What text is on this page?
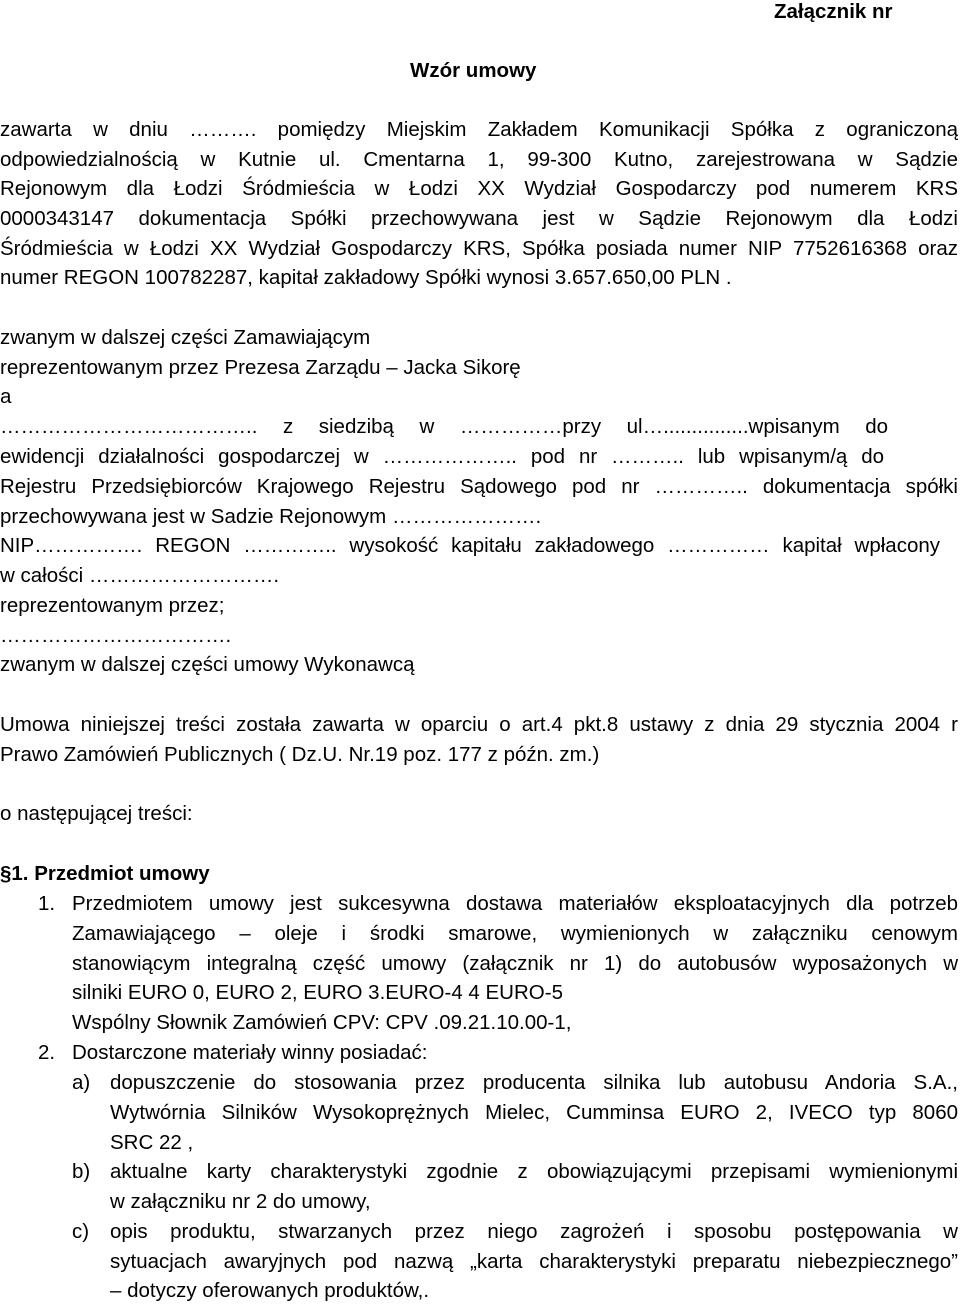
Załącznik nr
Wzór umowy
zawarta w dniu ………. pomiędzy Miejskim Zakładem Komunikacji Spółka z ograniczoną
odpowiedzialnością w Kutnie ul. Cmentarna 1, 99-300 Kutno, zarejestrowana w Sądzie
Rejonowym dla Łodzi Śródmieścia w Łodzi XX Wydział Gospodarczy pod numerem KRS
0000343147 dokumentacja Spółki przechowywana jest w Sądzie Rejonowym dla Łodzi
Śródmieścia w Łodzi XX Wydział Gospodarczy KRS, Spółka posiada numer NIP 7752616368 oraz
numer REGON 100782287, kapitał zakładowy Spółki wynosi 3.657.650,00 PLN .
zwanym w dalszej części Zamawiającym
reprezentowanym przez Prezesa Zarządu – Jacka Sikorę
a
……………………………….. z siedzibą w ……………przy ul…...............wpisanym do
ewidencji działalności gospodarczej w ……………….. pod nr ……….. lub wpisanym/ą do
Rejestru Przedsiębiorców Krajowego Rejestru Sądowego pod nr ………….. dokumentacja spółki
przechowywana jest w Sadzie Rejonowym ………………….
NIP……………. REGON ………….. wysokość kapitału zakładowego …………… kapitał wpłacony
w całości ……………………….
reprezentowanym przez;
…………………………….
zwanym w dalszej części umowy Wykonawcą
Umowa niniejszej treści została zawarta w oparciu o art.4 pkt.8 ustawy z dnia 29 stycznia 2004 r
Prawo Zamówień Publicznych ( Dz.U. Nr.19 poz. 177 z późn. zm.)
o następującej treści:
§1. Przedmiot umowy
1. Przedmiotem umowy jest sukcesywna dostawa materiałów eksploatacyjnych dla potrzeb
Zamawiającego – oleje i środki smarowe, wymienionych w załączniku cenowym
stanowiącym integralną część umowy (załącznik nr 1) do autobusów wyposażonych w
silniki EURO 0, EURO 2, EURO 3.EURO-4 4 EURO-5
Wspólny Słownik Zamówień CPV: CPV .09.21.10.00-1,
2. Dostarczone materiały winny posiadać:
a) dopuszczenie do stosowania przez producenta silnika lub autobusu Andoria S.A.,
Wytwórnia Silników Wysokoprężnych Mielec, Cumminsa EURO 2, IVECO typ 8060
SRC 22 ,
b) aktualne karty charakterystyki zgodnie z obowiązującymi przepisami wymienionymi
w załączniku nr 2 do umowy,
c) opis produktu, stwarzanych przez niego zagrożeń i sposobu postępowania w
sytuacjach awaryjnych pod nazwą „karta charakterystyki preparatu niebezpiecznego”
– dotyczy oferowanych produktów,.
